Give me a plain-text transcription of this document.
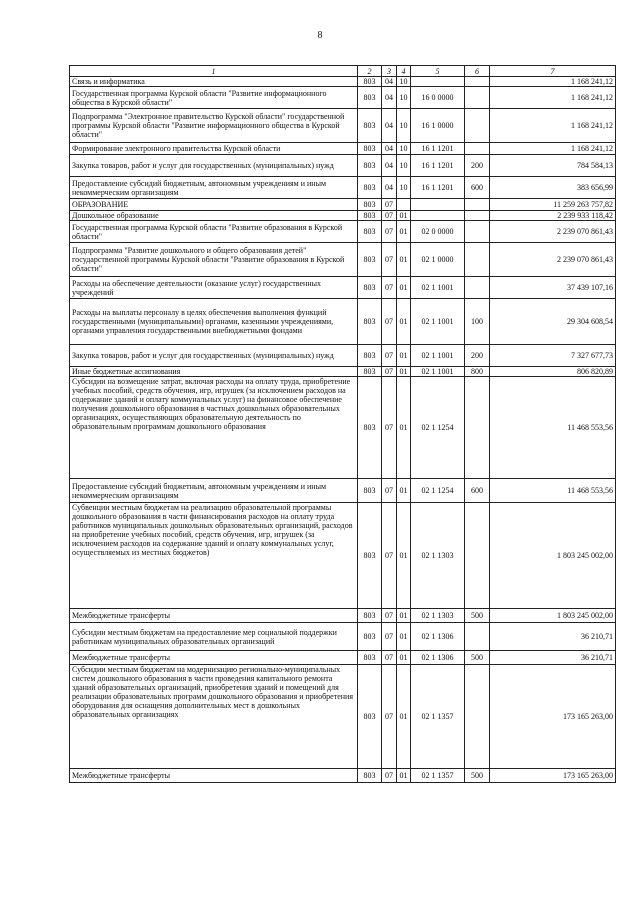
8
1	2	3	4	5	6	7
Связь и информатика	803	04	10			1 168 241,12
Государственная программа Курской области "Развитие информационного общества в Курской области"	803	04	10	16 0 0000		1 168 241,12
Подпрограмма "Электронное правительство Курской области" государственной программы Курской области "Развитие информационного общества в Курской области"	803	04	10	16 1 0000		1 168 241,12
Формирование электронного правительства Курской области	803	04	10	16 1 1201		1 168 241,12
Закупка товаров, работ и услуг для государственных (муниципальных) нужд	803	04	10	16 1 1201	200	784 584,13
Предоставление субсидий бюджетным, автономным учреждениям и иным некоммерческим организациям	803	04	10	16 1 1201	600	383 656,99
ОБРАЗОВАНИЕ	803	07				11 259 263 757,82
Дошкольное образование	803	07	01			2 239 933 118,42
Государственная программа Курской области "Развитие образования в Курской области"	803	07	01	02 0 0000		2 239 070 861,43
Подпрограмма "Развитие дошкольного и общего образования детей" государственной программы Курской области "Развитие образования в Курской области"	803	07	01	02 1 0000		2 239 070 861,43
Расходы на обеспечение деятельности (оказание услуг) государственных учреждений	803	07	01	02 1 1001		37 439 107,16
Расходы на выплаты персоналу в целях обеспечения выполнения функций государственными (муниципальными) органами, казенными учреждениями, органами управления государственными внебюджетными фондами	803	07	01	02 1 1001	100	29 304 608,54
Закупка товаров, работ и услуг для государственных (муниципальных) нужд	803	07	01	02 1 1001	200	7 327 677,73
Иные бюджетные ассигнования	803	07	01	02 1 1001	800	806 820,89
Субсидии на возмещение затрат, включая расходы на оплату труда, приобретение учебных пособий, средств обучения, игр, игрушек (за исключением расходов на содержание зданий и оплату коммунальных услуг) на финансовое обеспечение получения дошкольного образования в частных дошкольных образовательных организациях, осуществляющих образовательную деятельность по образовательным программам дошкольного образования	803	07	01	02 1 1254		11 468 553,56
Предоставление субсидий бюджетным, автономным учреждениям и иным некоммерческим организациям	803	07	01	02 1 1254	600	11 468 553,56
Субвенции местным бюджетам на реализацию образовательной программы дошкольного образования в части финансирования расходов на оплату труда работников муниципальных дошкольных образовательных организаций, расходов на приобретение учебных пособий, средств обучения, игр, игрушек (за исключением расходов на содержание зданий и оплату коммунальных услуг, осуществляемых из местных бюджетов)	803	07	01	02 1 1303		1 803 245 002,00
Межбюджетные трансферты	803	07	01	02 1 1303	500	1 803 245 002,00
Субсидии местным бюджетам на предоставление мер социальной поддержки работникам муниципальных образовательных организаций	803	07	01	02 1 1306		36 210,71
Межбюджетные трансферты	803	07	01	02 1 1306	500	36 210,71
Субсидии местным бюджетам на модернизацию регионально-муниципальных систем дошкольного образования в части проведения капитального ремонта зданий образовательных организаций, приобретения зданий и помещений для реализации образовательных программ дошкольного образования и приобретения оборудования для оснащения дополнительных мест в дошкольных образовательных организациях	803	07	01	02 1 1357		173 165 263,00
Межбюджетные трансферты	803	07	01	02 1 1357	500	173 165 263,00
